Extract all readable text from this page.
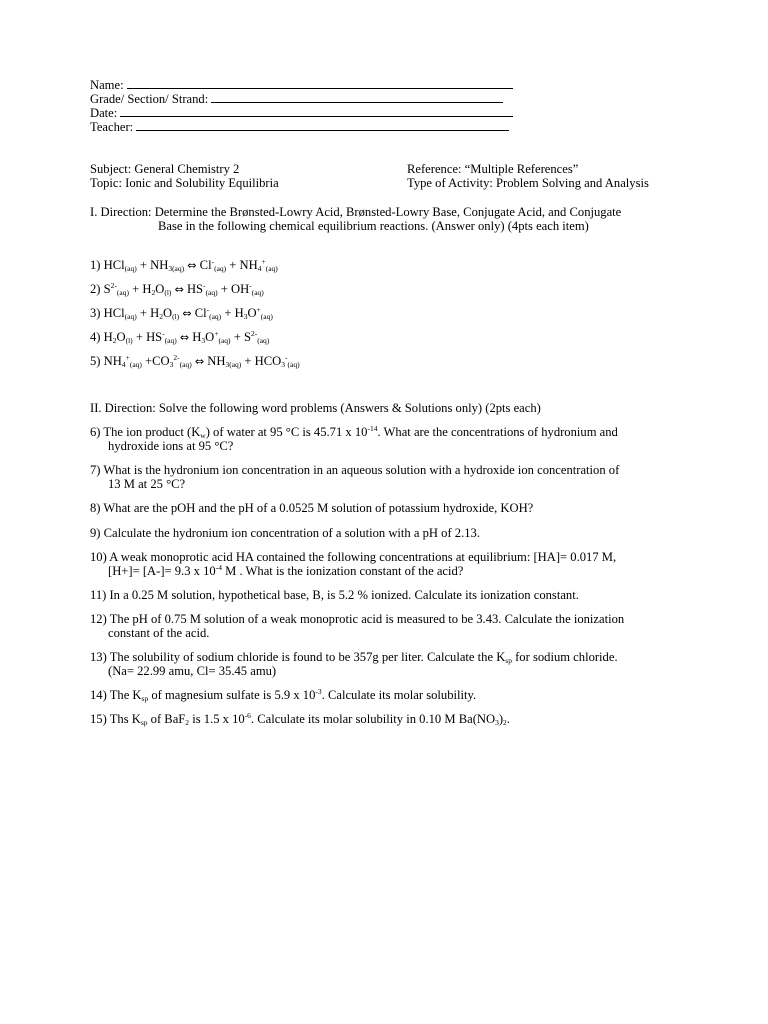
Name:
Grade/ Section/ Strand:
Date:
Teacher:
Subject: General Chemistry 2
Topic: Ionic and Solubility Equilibria
Reference: “Multiple References”
Type of Activity: Problem Solving and Analysis
I. Direction: Determine the Brønsted-Lowry Acid, Brønsted-Lowry Base, Conjugate Acid, and Conjugate
Base in the following chemical equilibrium reactions. (Answer only) (4pts each item)
1) $HCl_{(aq)} + NH_{3(aq)}$ ⇔ $Cl^-_{(aq)} + NH_4^+_{(aq)}$
2) $S^{2-}_{(aq)} + H_2O_{(l)}$ ⇔ $HS^-_{(aq)} + OH^-_{(aq)}$
3) $HCl_{(aq)} + H_2O_{(l)}$ ⇔ $Cl^-_{(aq)} + H_3O^+_{(aq)}$
4) $H_2O_{(l)} + HS^-_{(aq)}$ ⇔ $H_3O^+_{(aq)} + S^{2-}_{(aq)}$
5) $NH_4^+_{(aq)} +CO_3^{2-}_{(aq)}$ ⇔ $NH_{3(aq)} + HCO_3^-_{(aq)}$
II. Direction: Solve the following word problems (Answers & Solutions only) (2pts each)
6) The ion product $(K_w)$ of water at 95 °C is 45.71 x $10^{-14}$. What are the concentrations of hydronium and
hydroxide ions at 95 °C?
7) What is the hydronium ion concentration in an aqueous solution with a hydroxide ion concentration of
13 M at 25 °C?
8) What are the pOH and the pH of a 0.0525 M solution of potassium hydroxide, KOH?
9) Calculate the hydronium ion concentration of a solution with a pH of 2.13.
10) A weak monoprotic acid HA contained the following concentrations at equilibrium: [HA]= 0.017 M,
[H+]= [A-]= 9.3 x $10^{-4}$ M . What is the ionization constant of the acid?
11) In a 0.25 M solution, hypothetical base, B, is 5.2 % ionized. Calculate its ionization constant.
12) The pH of 0.75 M solution of a weak monoprotic acid is measured to be 3.43. Calculate the ionization
constant of the acid.
13) The solubility of sodium chloride is found to be 357g per liter. Calculate the $K_{sp}$ for sodium chloride.
(Na= 22.99 amu, Cl= 35.45 amu)
14) The $K_{sp}$ of magnesium sulfate is 5.9 x $10^{-3}$. Calculate its molar solubility.
15) Ths $K_{sp}$ of BaF$_2$ is 1.5 x $10^{-6}$. Calculate its molar solubility in 0.10 M $Ba(NO_3)_2$.
